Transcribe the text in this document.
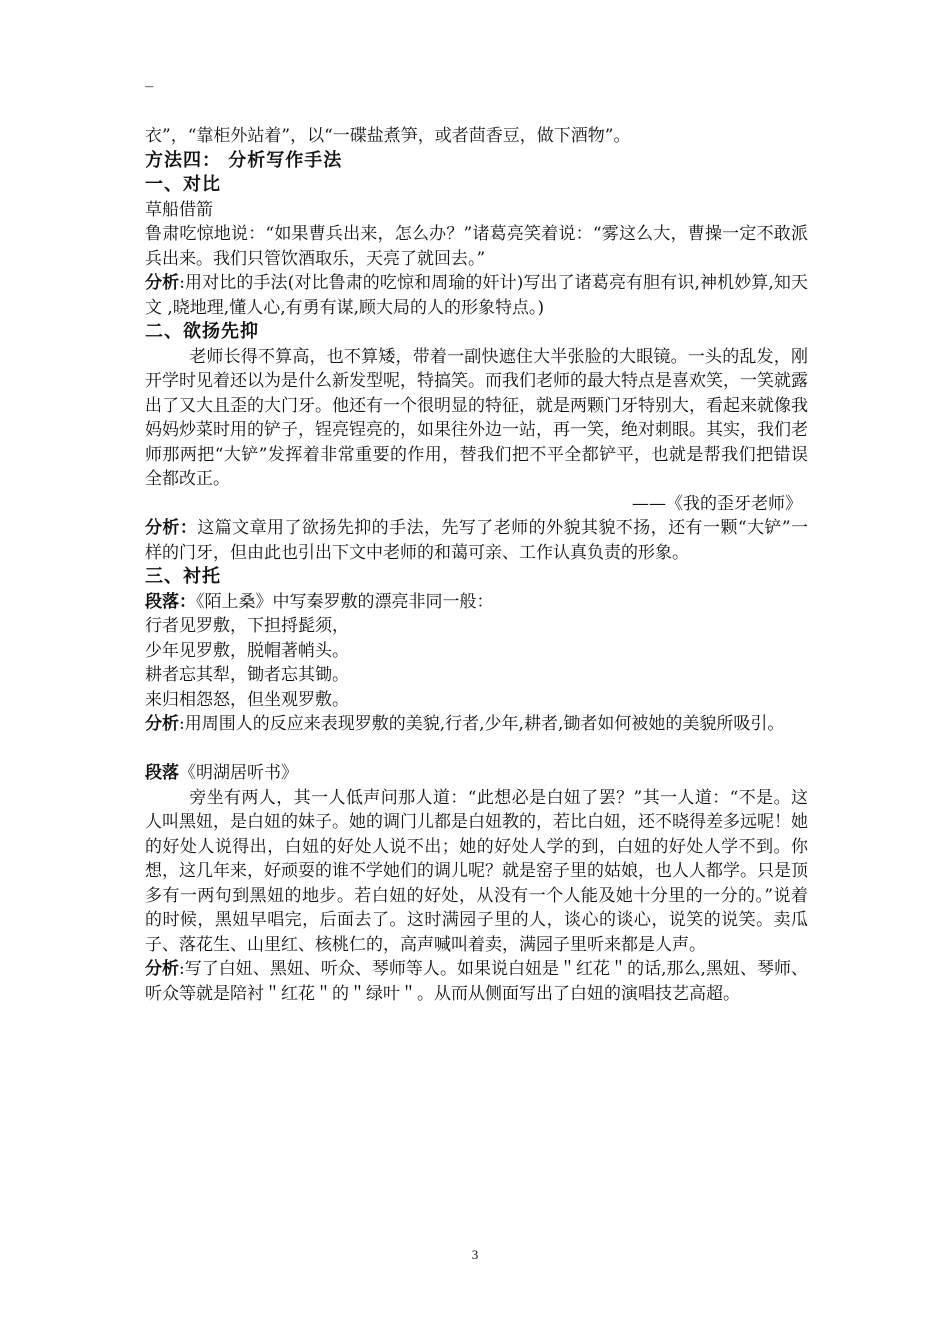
_

衣”，“靠柜外站着”，以“一碟盐煮笋，或者茴香豆，做下酒物”。

方法四： 分析写作手法

一、对比

草船借箭

鲁肃吃惊地说：“如果曹兵出来，怎么办？”诸葛亮笑着说：“雾这么大，曹操一定不敢派兵出来。我们只管饮酒取乐，天亮了就回去。”

分析:用对比的手法(对比鲁肃的吃惊和周瑜的奸计)写出了诸葛亮有胆有识,神机妙算,知天文 ,晓地理,懂人心,有勇有谋,顾大局的人的形象特点。)

二、欲扬先抑

老师长得不算高，也不算矮，带着一副快遮住大半张脸的大眼镜。一头的乱发，刚开学时见着还以为是什么新发型呢，特搞笑。而我们老师的最大特点是喜欢笑，一笑就露出了又大且歪的大门牙。他还有一个很明显的特征，就是两颗门牙特别大，看起来就像我妈妈炒菜时用的铲子，锃亮锃亮的，如果往外边一站，再一笑，绝对刺眼。其实，我们老师那两把“大铲”发挥着非常重要的作用，替我们把不平全都铲平，也就是帮我们把错误全都改正。

——《我的歪牙老师》

分析：这篇文章用了欲扬先抑的手法，先写了老师的外貌其貌不扬，还有一颗“大铲”一样的门牙，但由此也引出下文中老师的和蔼可亲、工作认真负责的形象。

三、衬托

段落：《陌上桑》中写秦罗敷的漂亮非同一般：

行者见罗敷，下担捋髭须，

少年见罗敷，脱帽著帩头。

耕者忘其犁，锄者忘其锄。

来归相怨怒，但坐观罗敷。

分析:用周围人的反应来表现罗敷的美貌,行者,少年,耕者,锄者如何被她的美貌所吸引。

段落《明湖居听书》

旁坐有两人，其一人低声问那人道：“此想必是白妞了罢？”其一人道：“不是。这人叫黑妞，是白妞的妹子。她的调门儿都是白妞教的，若比白妞，还不晓得差多远呢！她的好处人说得出，白妞的好处人说不出；她的好处人学的到，白妞的好处人学不到。你想，这几年来，好顽耍的谁不学她们的调儿呢？就是窑子里的姑娘，也人人都学。只是顶多有一两句到黑妞的地步。若白妞的好处，从没有一个人能及她十分里的一分的。”说着的时候，黑妞早唱完，后面去了。这时满园子里的人，谈心的谈心，说笑的说笑。卖瓜子、落花生、山里红、核桃仁的，高声喊叫着卖，满园子里听来都是人声。

分析:写了白妞、黑妞、听众、琴师等人。如果说白妞是＂红花＂的话,那么,黑妞、琴师、听众等就是陪衬＂红花＂的＂绿叶＂。从而从侧面写出了白妞的演唱技艺高超。

3
